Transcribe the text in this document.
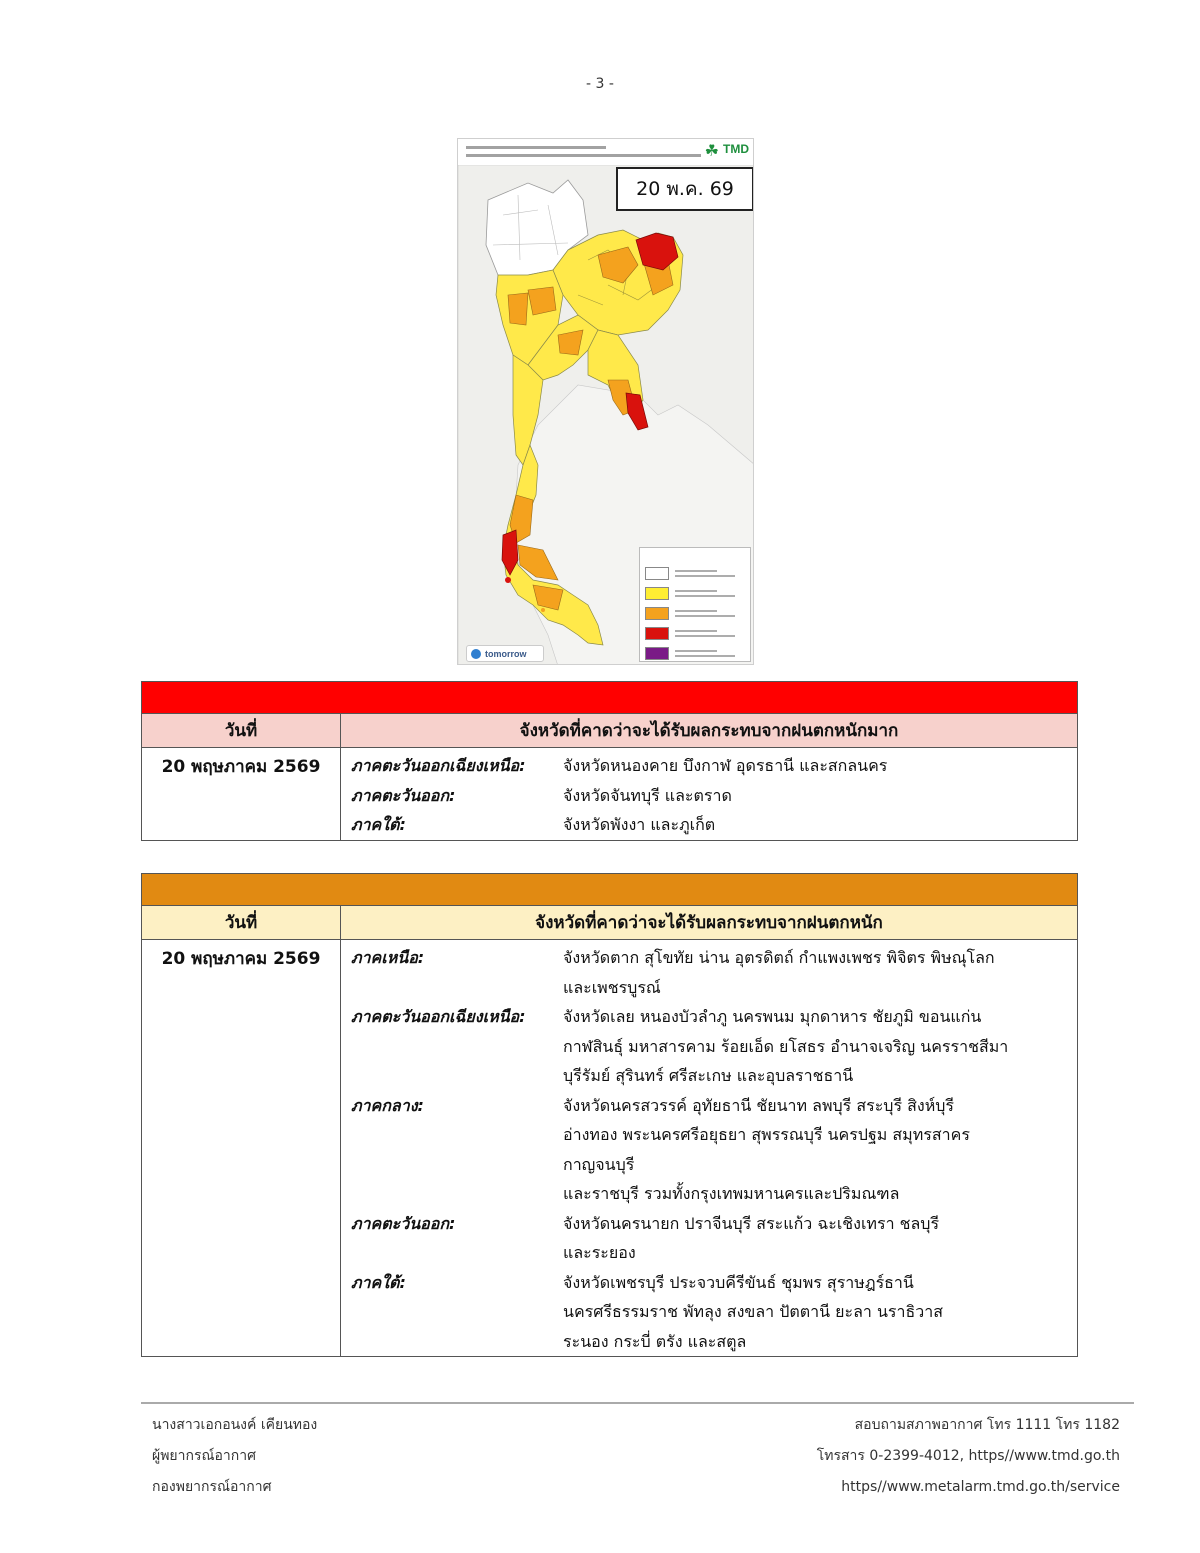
- 3 -
☘ TMD
20 พ.ค. 69

tomorrow
วันที่	จังหวัดที่คาดว่าจะได้รับผลกระทบจากฝนตกหนักมาก
20 พฤษภาคม 2569	ภาคตะวันออกเฉียงเหนือ:	จังหวัดหนองคาย บึงกาฬ อุดรธานี และสกลนคร
ภาคตะวันออก:	จังหวัดจันทบุรี และตราด
ภาคใต้:	จังหวัดพังงา และภูเก็ต
วันที่	จังหวัดที่คาดว่าจะได้รับผลกระทบจากฝนตกหนัก
20 พฤษภาคม 2569	ภาคเหนือ:	จังหวัดตาก สุโขทัย น่าน อุตรดิตถ์ กำแพงเพชร พิจิตร พิษณุโลก
และเพชรบูรณ์
ภาคตะวันออกเฉียงเหนือ:	จังหวัดเลย หนองบัวลำภู นครพนม มุกดาหาร ชัยภูมิ ขอนแก่น
กาฬสินธุ์ มหาสารคาม ร้อยเอ็ด ยโสธร อำนาจเจริญ นครราชสีมา
บุรีรัมย์ สุรินทร์ ศรีสะเกษ และอุบลราชธานี
ภาคกลาง:	จังหวัดนครสวรรค์ อุทัยธานี ชัยนาท ลพบุรี สระบุรี สิงห์บุรี
อ่างทอง พระนครศรีอยุธยา สุพรรณบุรี นครปฐม สมุทรสาคร
กาญจนบุรี
และราชบุรี รวมทั้งกรุงเทพมหานครและปริมณฑล
ภาคตะวันออก:	จังหวัดนครนายก ปราจีนบุรี สระแก้ว ฉะเชิงเทรา ชลบุรี
และระยอง
ภาคใต้:	จังหวัดเพชรบุรี ประจวบคีรีขันธ์ ชุมพร สุราษฎร์ธานี
นครศรีธรรมราช พัทลุง สงขลา ปัตตานี ยะลา นราธิวาส
ระนอง กระบี่ ตรัง และสตูล
นางสาวเอกอนงค์ เคียนทอง
ผู้พยากรณ์อากาศ
กองพยากรณ์อากาศ
สอบถามสภาพอากาศ โทร 1111 โทร 1182
โทรสาร 0-2399-4012, https//www.tmd.go.th
https//www.metalarm.tmd.go.th/service
